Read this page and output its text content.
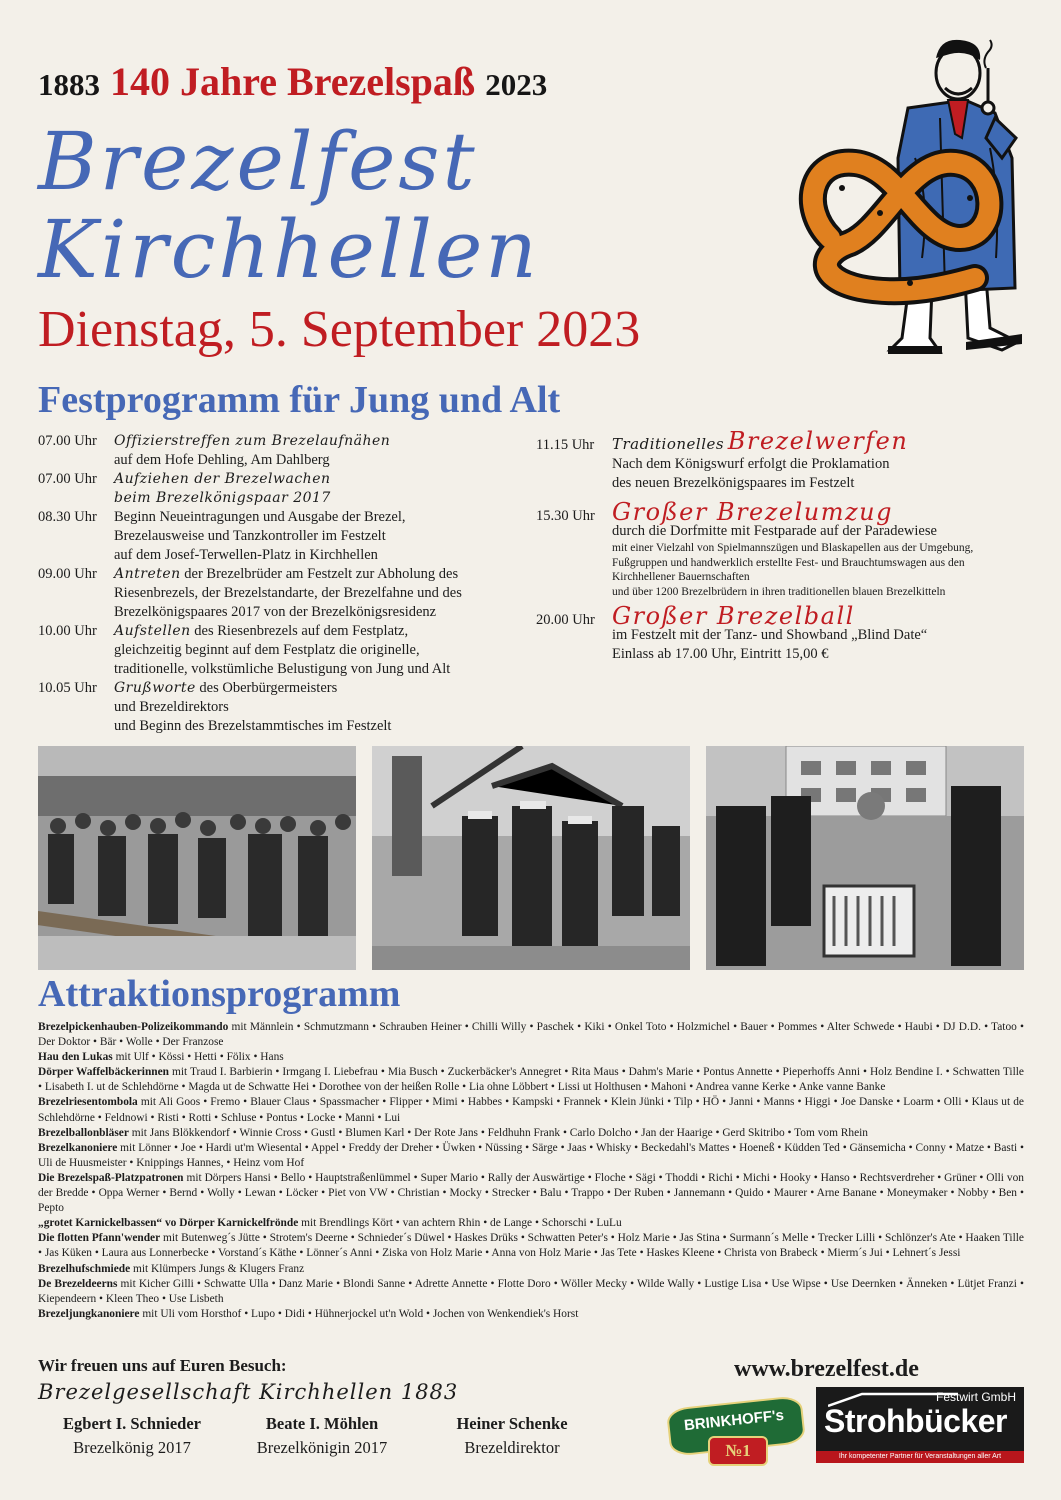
1883 140 Jahre Brezelspaß 2023
Brezelfest
Kirchhellen
Dienstag, 5. September 2023
Festprogramm für Jung und Alt
07.00 Uhr	Offizierstreffen zum Brezelaufnähen
auf dem Hofe Dehling, Am Dahlberg
07.00 Uhr	Aufziehen der Brezelwachen
beim Brezelkönigspaar 2017
08.30 Uhr	Beginn Neueintragungen und Ausgabe der Brezel,
Brezelausweise und Tanzkontroller im Festzelt
auf dem Josef-Terwellen-Platz in Kirchhellen
09.00 Uhr	Antreten der Brezelbrüder am Festzelt zur Abholung des
Riesenbrezels, der Brezelstandarte, der Brezelfahne und des
Brezelkönigspaares 2017 von der Brezelkönigsresidenz
10.00 Uhr	Aufstellen des Riesenbrezels auf dem Festplatz,
gleichzeitig beginnt auf dem Festplatz die originelle,
traditionelle, volkstümliche Belustigung von Jung und Alt
10.05 Uhr	Grußworte des Oberbürgermeisters
und Brezeldirektors
und Beginn des Brezelstammtisches im Festzelt
11.15 Uhr	Traditionelles Brezelwerfen
Nach dem Königswurf erfolgt die Proklamation
des neuen Brezelkönigspaares im Festzelt
15.30 Uhr Großer Brezelumzug
durch die Dorfmitte mit Festparade auf der Paradewiese
mit einer Vielzahl von Spielmannszügen und Blaskapellen aus der Umgebung,
Fußgruppen und handwerklich erstellte Fest- und Brauchtumswagen aus den
Kirchhellener Bauernschaften
und über 1200 Brezelbrüdern in ihren traditionellen blauen Brezelkitteln
20.00 Uhr Großer Brezelball
im Festzelt mit der Tanz- und Showband „Blind Date“
Einlass ab 17.00 Uhr, Eintritt 15,00 €
Attraktionsprogramm

Brezelpickenhauben-Polizeikommando mit Männlein • Schmutzmann • Schrauben Heiner • Chilli Willy • Paschek • Kiki • Onkel Toto • Holzmichel • Bauer • Pommes • Alter Schwede • Haubi • DJ D.D. • Tatoo • Der Doktor • Bär • Wolle • Der Franzose

Hau den Lukas mit Ulf • Kössi • Hetti • Fölix • Hans

Dörper Waffelbäckerinnen mit Traud I. Barbierin • Irmgang I. Liebefrau • Mia Busch • Zuckerbäcker's Annegret • Rita Maus • Dahm's Marie • Pontus Annette • Pieperhoffs Anni • Holz Bendine I. • Schwatten Tille • Lisabeth I. ut de Schlehdörne • Magda ut de Schwatte Hei • Dorothee von der heißen Rolle • Lia ohne Löbbert • Lissi ut Holthusen • Mahoni • Andrea vanne Kerke • Anke vanne Banke

Brezelriesentombola mit Ali Goos • Fremo • Blauer Claus • Spassmacher • Flipper • Mimi • Habbes • Kampski • Frannek • Klein Jünki • Tilp • HÖ • Janni • Manns • Higgi • Joe Danske • Loarm • Olli • Klaus ut de Schlehdörne • Feldnowi • Risti • Rotti • Schluse • Pontus • Locke • Manni • Lui

Brezelballonbläser mit Jans Blökkendorf • Winnie Cross • Gustl • Blumen Karl • Der Rote Jans • Feldhuhn Frank • Carlo Dolcho • Jan der Haarige • Gerd Skitribo • Tom vom Rhein

Brezelkanoniere mit Lönner • Joe • Hardi ut'm Wiesental • Appel • Freddy der Dreher • Üwken • Nüssing • Särge • Jaas • Whisky • Beckedahl's Mattes • Hoeneß • Küdden Ted • Gänsemicha • Conny • Matze • Basti • Uli de Huusmeister • Knippings Hannes, • Heinz vom Hof

Die Brezelspaß-Platzpatronen mit Dörpers Hansi • Bello • Hauptstraßenlümmel • Super Mario • Rally der Auswärtige • Floche • Sägi • Thoddi • Richi • Michi • Hooky • Hanso • Rechtsverdreher • Grüner • Olli von der Bredde • Oppa Werner • Bernd • Wolly • Lewan • Löcker • Piet von VW • Christian • Mocky • Strecker • Balu • Trappo • Der Ruben • Jannemann • Quido • Maurer • Arne Banane • Moneymaker • Nobby • Ben • Pepto

„grotet Karnickelbassen“ vo Dörper Karnickelfrönde mit Brendlings Kört • van achtern Rhin • de Lange • Schorschi • LuLu

Die flotten Pfann'wender mit Butenweg´s Jütte • Strotem's Deerne • Schnieder´s Düwel • Haskes Drüks • Schwatten Peter's • Holz Marie • Jas Stina • Surmann´s Melle • Trecker Lilli • Schlönzer's Ate • Haaken Tille • Jas Küken • Laura aus Lonnerbecke • Vorstand´s Käthe • Lönner´s Anni • Ziska von Holz Marie • Anna von Holz Marie • Jas Tete • Haskes Kleene • Christa von Brabeck • Mierm´s Jui • Lehnert´s Jessi

Brezelhufschmiede mit Klümpers Jungs & Klugers Franz

De Brezeldeerns mit Kicher Gilli • Schwatte Ulla • Danz Marie • Blondi Sanne • Adrette Annette • Flotte Doro • Wöller Mecky • Wilde Wally • Lustige Lisa • Use Wipse • Use Deernken • Änneken • Lütjet Franzi • Kiependeern • Kleen Theo • Use Lisbeth

Brezeljungkanoniere mit Uli vom Horsthof • Lupo • Didi • Hühnerjockel ut'n Wold • Jochen von Wenkendiek's Horst

Wir freuen uns auf Euren Besuch:
Brezelgesellschaft Kirchhellen 1883
Egbert I. Schnieder
Brezelkönig 2017
Beate I. Möhlen
Brezelkönigin 2017
Heiner Schenke
Brezeldirektor
www.brezelfest.de
BRINKHOFF's
№1
Festwirt GmbH
Strohbücker
Ihr kompetenter Partner für Veranstaltungen aller Art
